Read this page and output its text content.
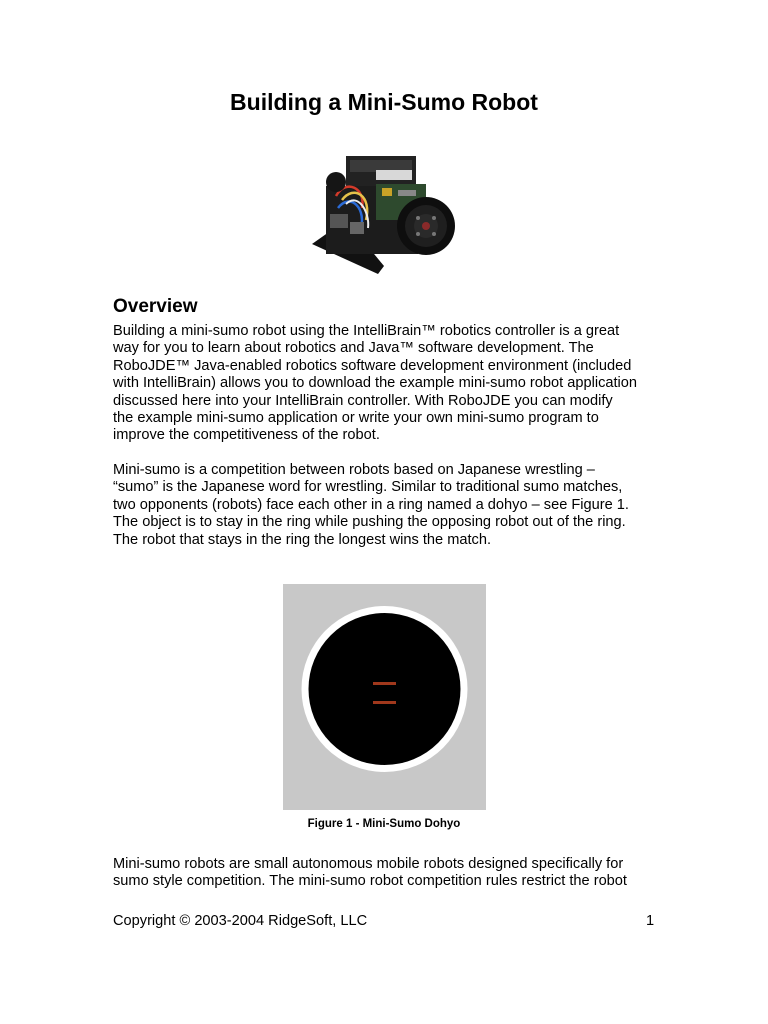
Building a Mini-Sumo Robot
Overview

Building a mini-sumo robot using the IntelliBrain™ robotics controller is a great
way for you to learn about robotics and Java™ software development. The
RoboJDE™ Java-enabled robotics software development environment (included
with IntelliBrain) allows you to download the example mini-sumo robot application
discussed here into your IntelliBrain controller. With RoboJDE you can modify
the example mini-sumo application or write your own mini-sumo program to
improve the competitiveness of the robot.

Mini-sumo is a competition between robots based on Japanese wrestling –
“sumo” is the Japanese word for wrestling. Similar to traditional sumo matches,
two opponents (robots) face each other in a ring named a dohyo – see Figure 1.
The object is to stay in the ring while pushing the opposing robot out of the ring.
The robot that stays in the ring the longest wins the match.

Figure 1 - Mini-Sumo Dohyo

Mini-sumo robots are small autonomous mobile robots designed specifically for
sumo style competition. The mini-sumo robot competition rules restrict the robot

Copyright © 2003-2004 RidgeSoft, LLC	1
